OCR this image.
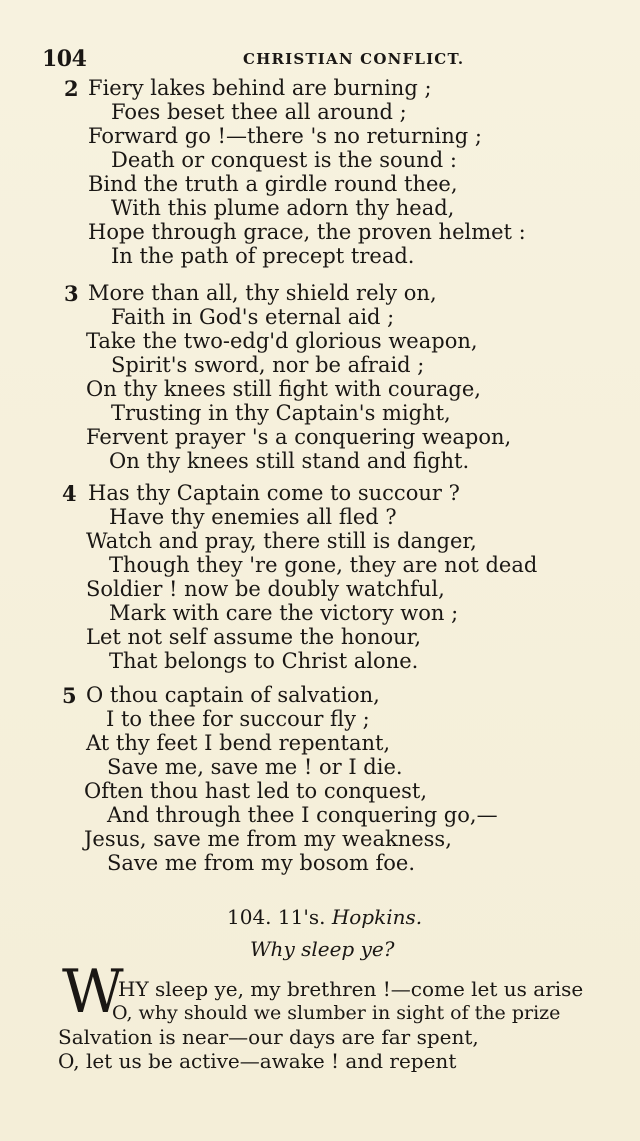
104	CHRISTIAN CONFLICT.
2 Fiery lakes behind are burning ;
Foes beset thee all around ;
Forward go !—there 's no returning ;
Death or conquest is the sound :
Bind the truth a girdle round thee,
With this plume adorn thy head,
Hope through grace, the proven helmet :
In the path of precept tread.
3 More than all, thy shield rely on,
Faith in God's eternal aid ;
Take the two-edg'd glorious weapon,
Spirit's sword, nor be afraid ;
On thy knees still fight with courage,
Trusting in thy Captain's might,
Fervent prayer 's a conquering weapon,
On thy knees still stand and fight.
4 Has thy Captain come to succour ?
Have thy enemies all fled ?
Watch and pray, there still is danger,
Though they 're gone, they are not dead
Soldier ! now be doubly watchful,
Mark with care the victory won ;
Let not self assume the honour,
That belongs to Christ alone.
5 O thou captain of salvation,
I to thee for succour fly ;
At thy feet I bend repentant,
Save me, save me ! or I die.
Often thou hast led to conquest,
And through thee I conquering go,—
Jesus, save me from my weakness,
Save me from my bosom foe.
104. 11's. Hopkins.
Why sleep ye?
W
HY sleep ye, my brethren !—come let us arise
O, why should we slumber in sight of the prize
Salvation is near—our days are far spent,
O, let us be active—awake ! and repent
